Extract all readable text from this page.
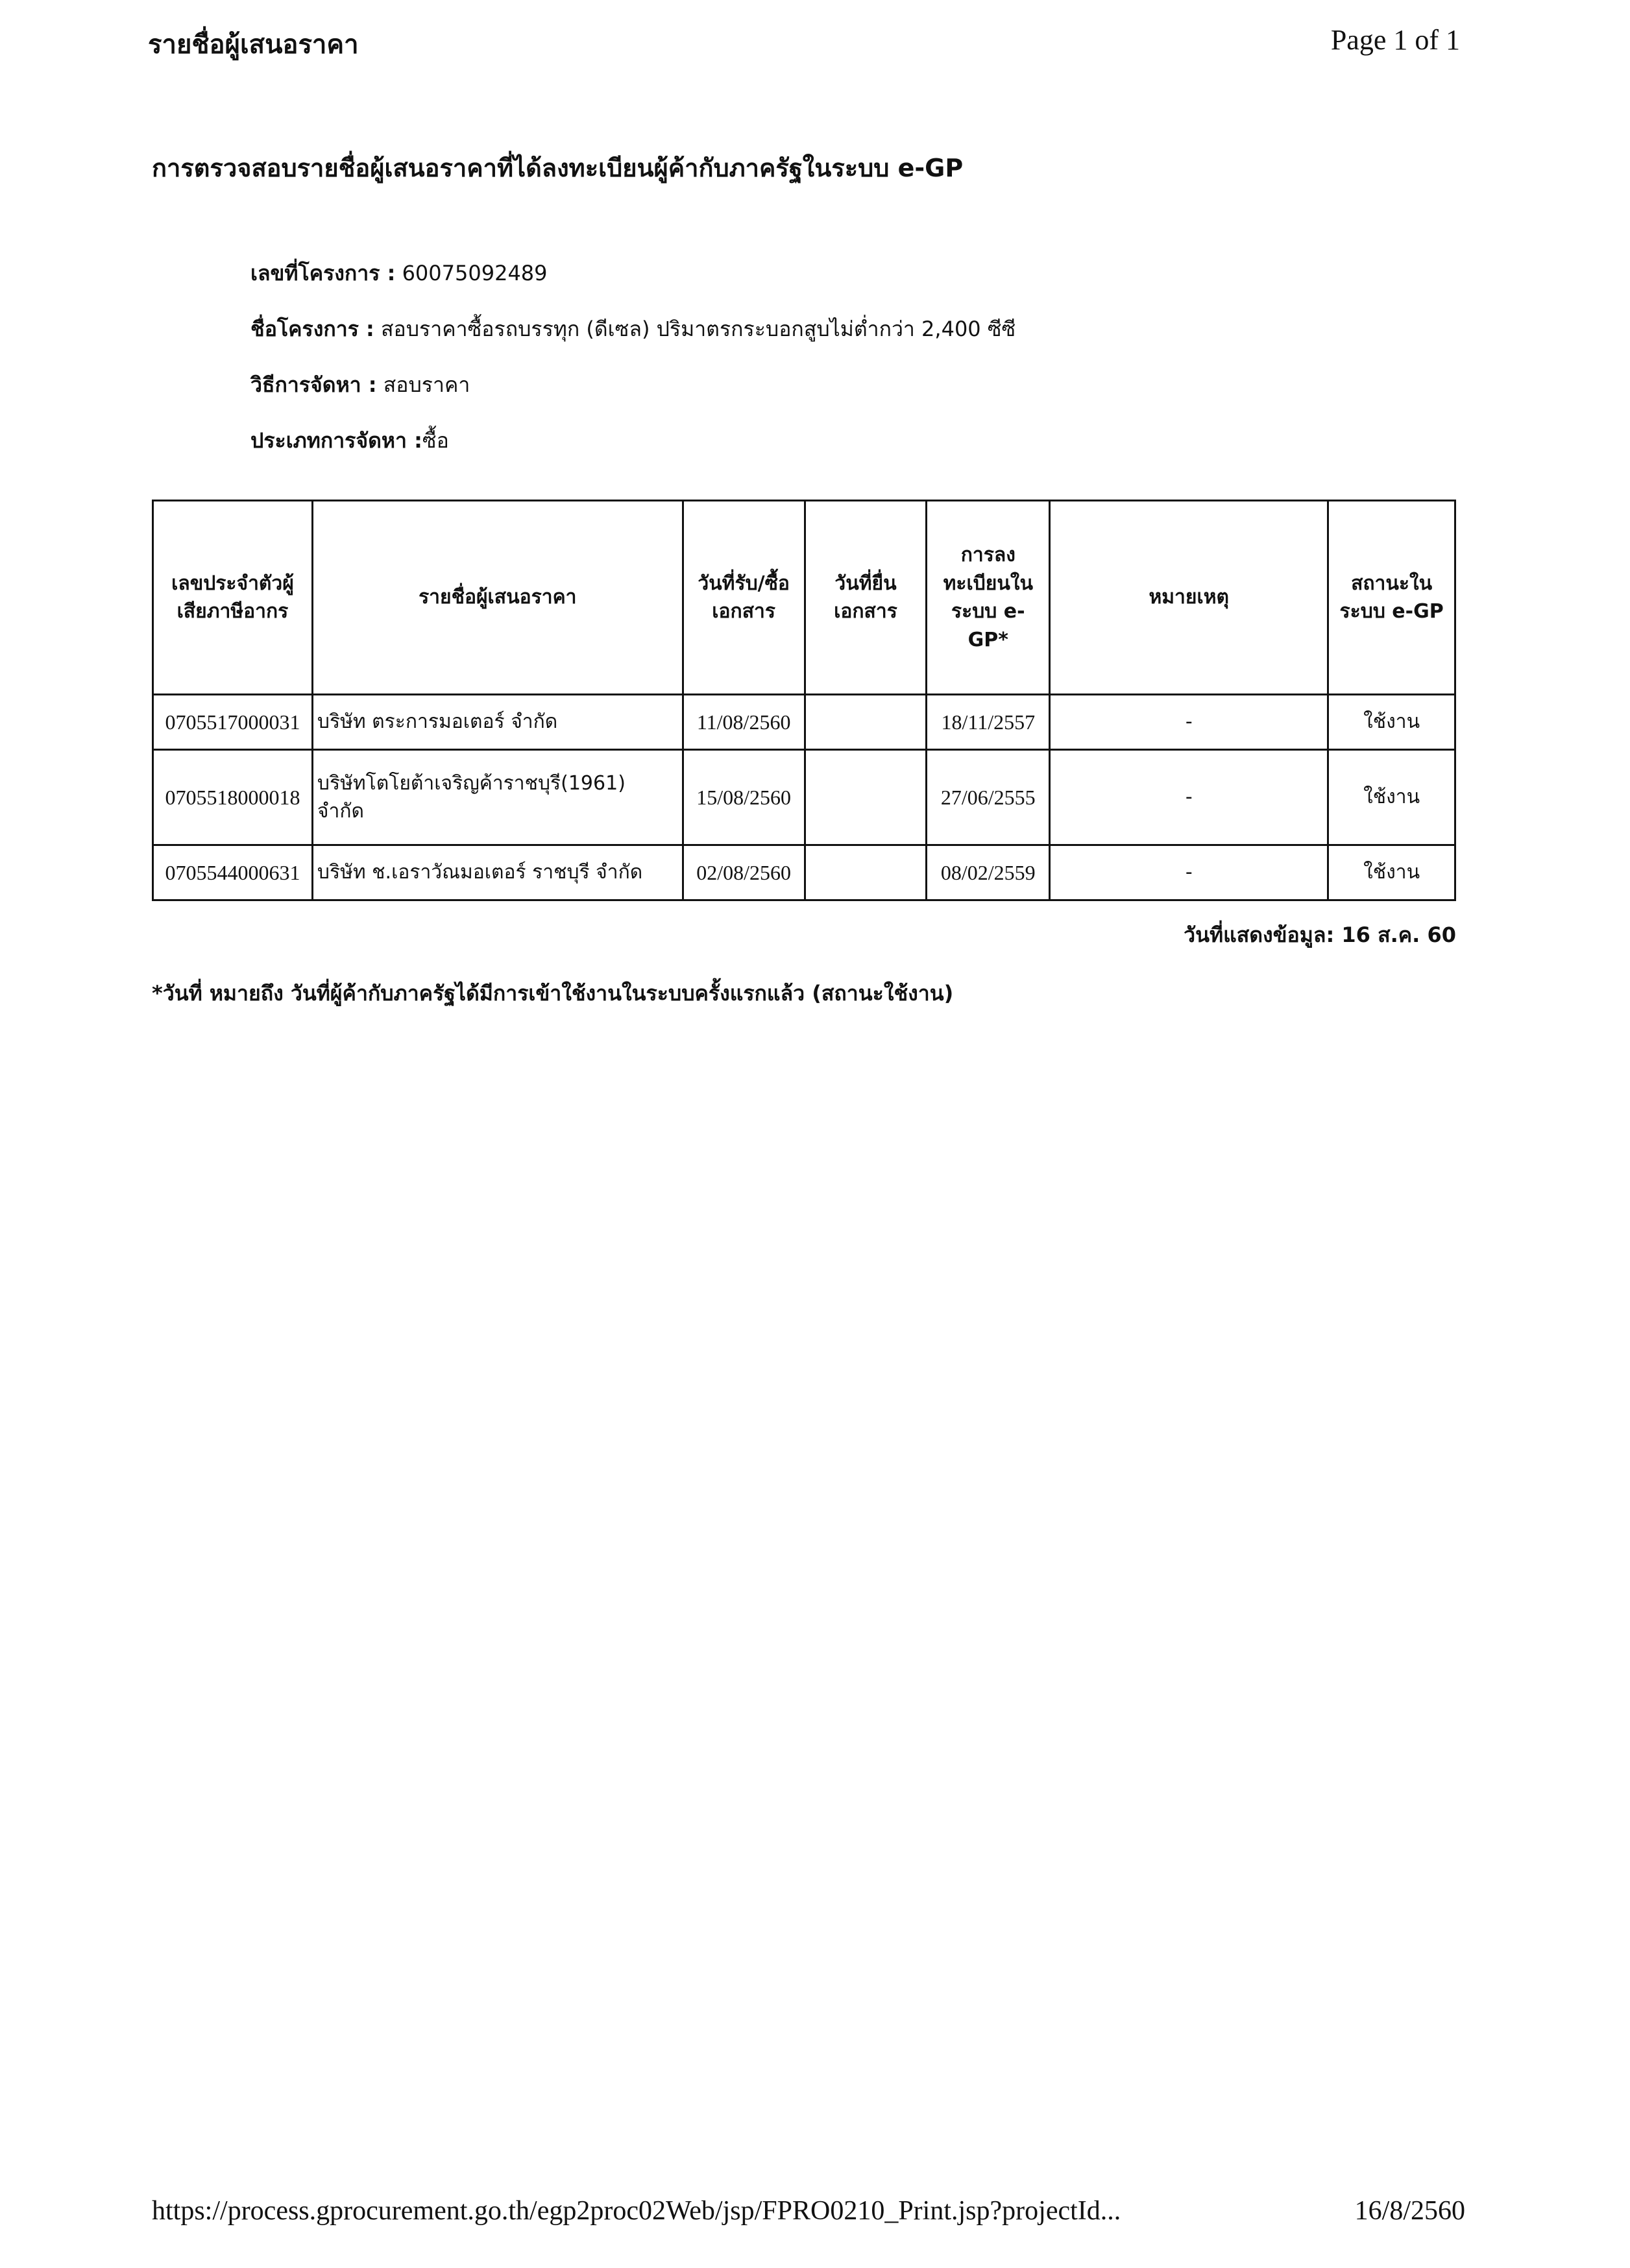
รายชื่อผู้เสนอราคา	Page 1 of 1
การตรวจสอบรายชื่อผู้เสนอราคาที่ได้ลงทะเบียนผู้ค้ากับภาครัฐในระบบ e-GP
เลขที่โครงการ : 60075092489
ชื่อโครงการ : สอบราคาซื้อรถบรรทุก (ดีเซล) ปริมาตรกระบอกสูบไม่ต่ำกว่า 2,400 ซีซี
วิธีการจัดหา : สอบราคา
ประเภทการจัดหา :ซื้อ
เลขประจำตัวผู้เสียภาษีอากร	รายชื่อผู้เสนอราคา	วันที่รับ/ซื้อเอกสาร	วันที่ยื่นเอกสาร	การลงทะเบียนในระบบ e-GP*	หมายเหตุ	สถานะในระบบ e-GP
0705517000031	บริษัท ตระการมอเตอร์ จำกัด	11/08/2560		18/11/2557	-	ใช้งาน
0705518000018	บริษัทโตโยต้าเจริญค้าราชบุรี(1961) จำกัด	15/08/2560		27/06/2555	-	ใช้งาน
0705544000631	บริษัท ช.เอราวัณมอเตอร์ ราชบุรี จำกัด	02/08/2560		08/02/2559	-	ใช้งาน
วันที่แสดงข้อมูล: 16 ส.ค. 60
*วันที่ หมายถึง วันที่ผู้ค้ากับภาครัฐได้มีการเข้าใช้งานในระบบครั้งแรกแล้ว (สถานะใช้งาน)
https://process.gprocurement.go.th/egp2proc02Web/jsp/FPRO0210_Print.jsp?projectId...	16/8/2560
